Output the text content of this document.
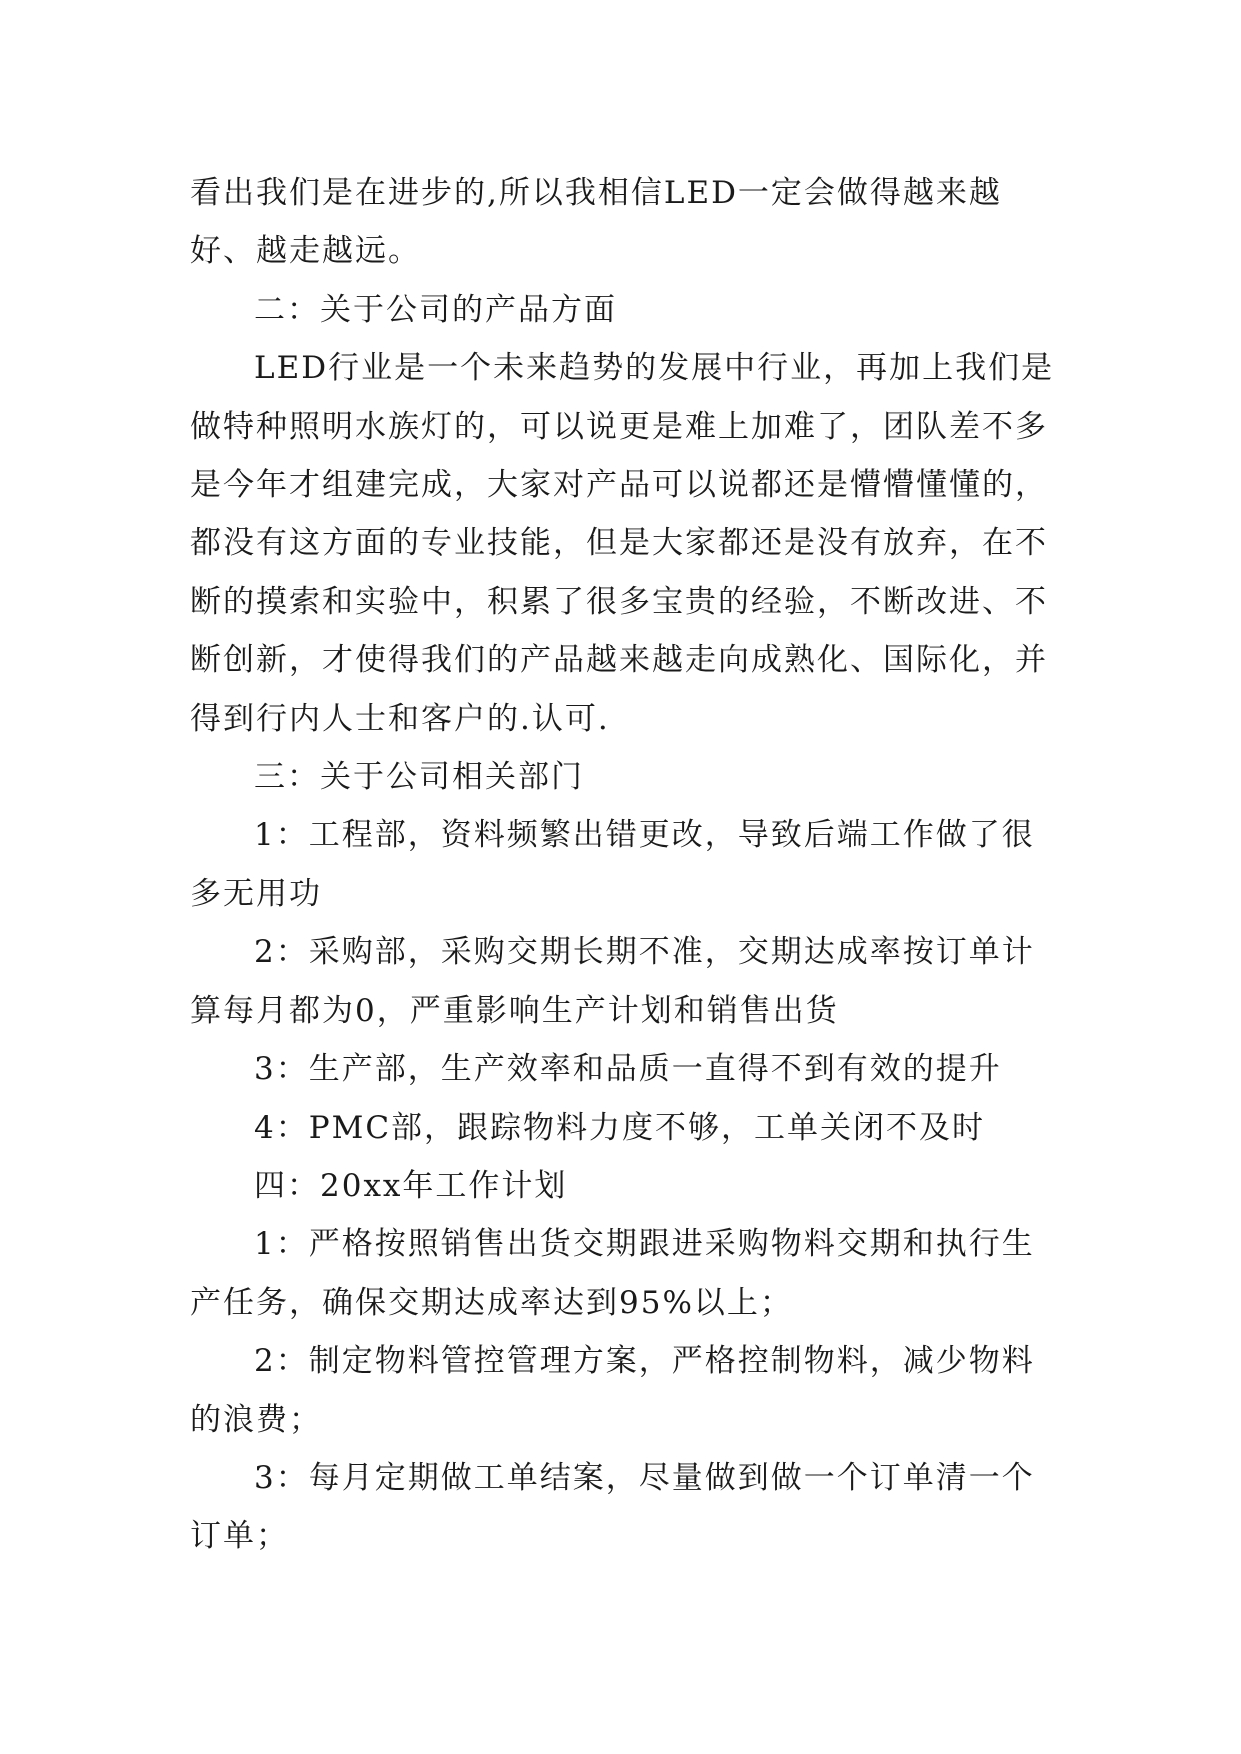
看出我们是在进步的,所以我相信LED一定会做得越来越好、越走越远。

二：关于公司的产品方面

LED行业是一个未来趋势的发展中行业，再加上我们是做特种照明水族灯的，可以说更是难上加难了，团队差不多是今年才组建完成，大家对产品可以说都还是懵懵懂懂的，都没有这方面的专业技能，但是大家都还是没有放弃，在不断的摸索和实验中，积累了很多宝贵的经验，不断改进、不断创新，才使得我们的产品越来越走向成熟化、国际化，并得到行内人士和客户的.认可.

三：关于公司相关部门

1：工程部，资料频繁出错更改，导致后端工作做了很多无用功

2：采购部，采购交期长期不准，交期达成率按订单计算每月都为0，严重影响生产计划和销售出货

3：生产部，生产效率和品质一直得不到有效的提升

4：PMC部，跟踪物料力度不够，工单关闭不及时

四：20xx年工作计划

1：严格按照销售出货交期跟进采购物料交期和执行生产任务，确保交期达成率达到95%以上；

2：制定物料管控管理方案，严格控制物料，减少物料的浪费；

3：每月定期做工单结案，尽量做到做一个订单清一个订单；
